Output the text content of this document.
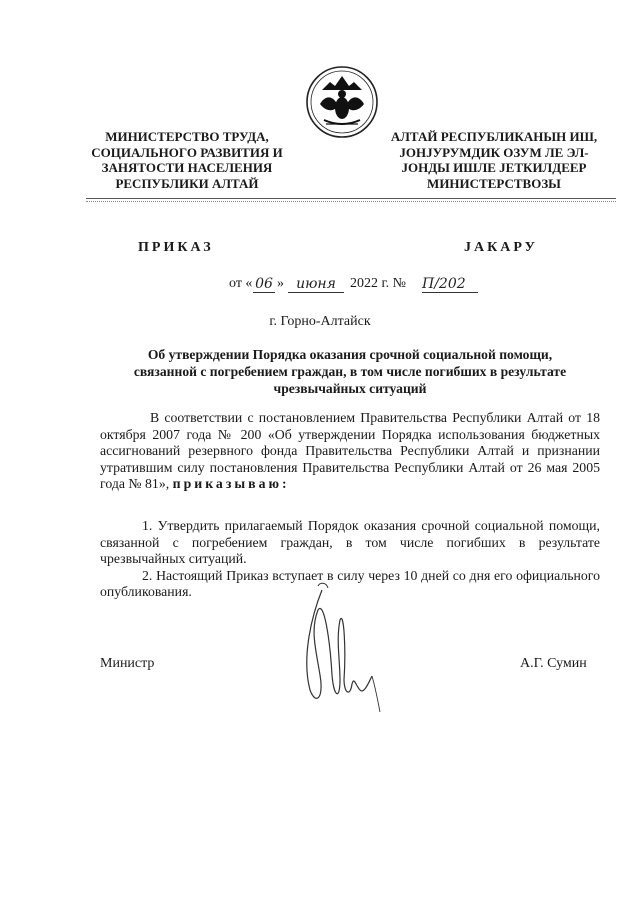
МИНИСТЕРСТВО ТРУДА,
СОЦИАЛЬНОГО РАЗВИТИЯ И
ЗАНЯТОСТИ НАСЕЛЕНИЯ
РЕСПУБЛИКИ АЛТАЙ
АЛТАЙ РЕСПУБЛИКАНЫН ИШ,
ЈОНЈУРУМДИК ОЗУМ ЛЕ ЭЛ-
ЈОНДЫ ИШЛЕ ЈЕТКИЛДЕЕР
МИНИСТЕРСТВОЗЫ
ПРИКАЗ	ЈАКАРУ
от « 06 » июня	2022 г. № П/202
г. Горно-Алтайск
Об утверждении Порядка оказания срочной социальной помощи,
связанной с погребением граждан, в том числе погибших в результате
чрезвычайных ситуаций
В соответствии с постановлением Правительства Республики Алтай от 18 октября 2007 года № 200 «Об утверждении Порядка использования бюджетных ассигнований резервного фонда Правительства Республики Алтай и признании утратившим силу постановления Правительства Республики Алтай от 26 мая 2005 года № 81», приказываю:
1. Утвердить прилагаемый Порядок оказания срочной социальной помощи, связанной с погребением граждан, в том числе погибших в результате чрезвычайных ситуаций.
2. Настоящий Приказ вступает в силу через 10 дней со дня его официального опубликования.
Министр	А.Г. Сумин
